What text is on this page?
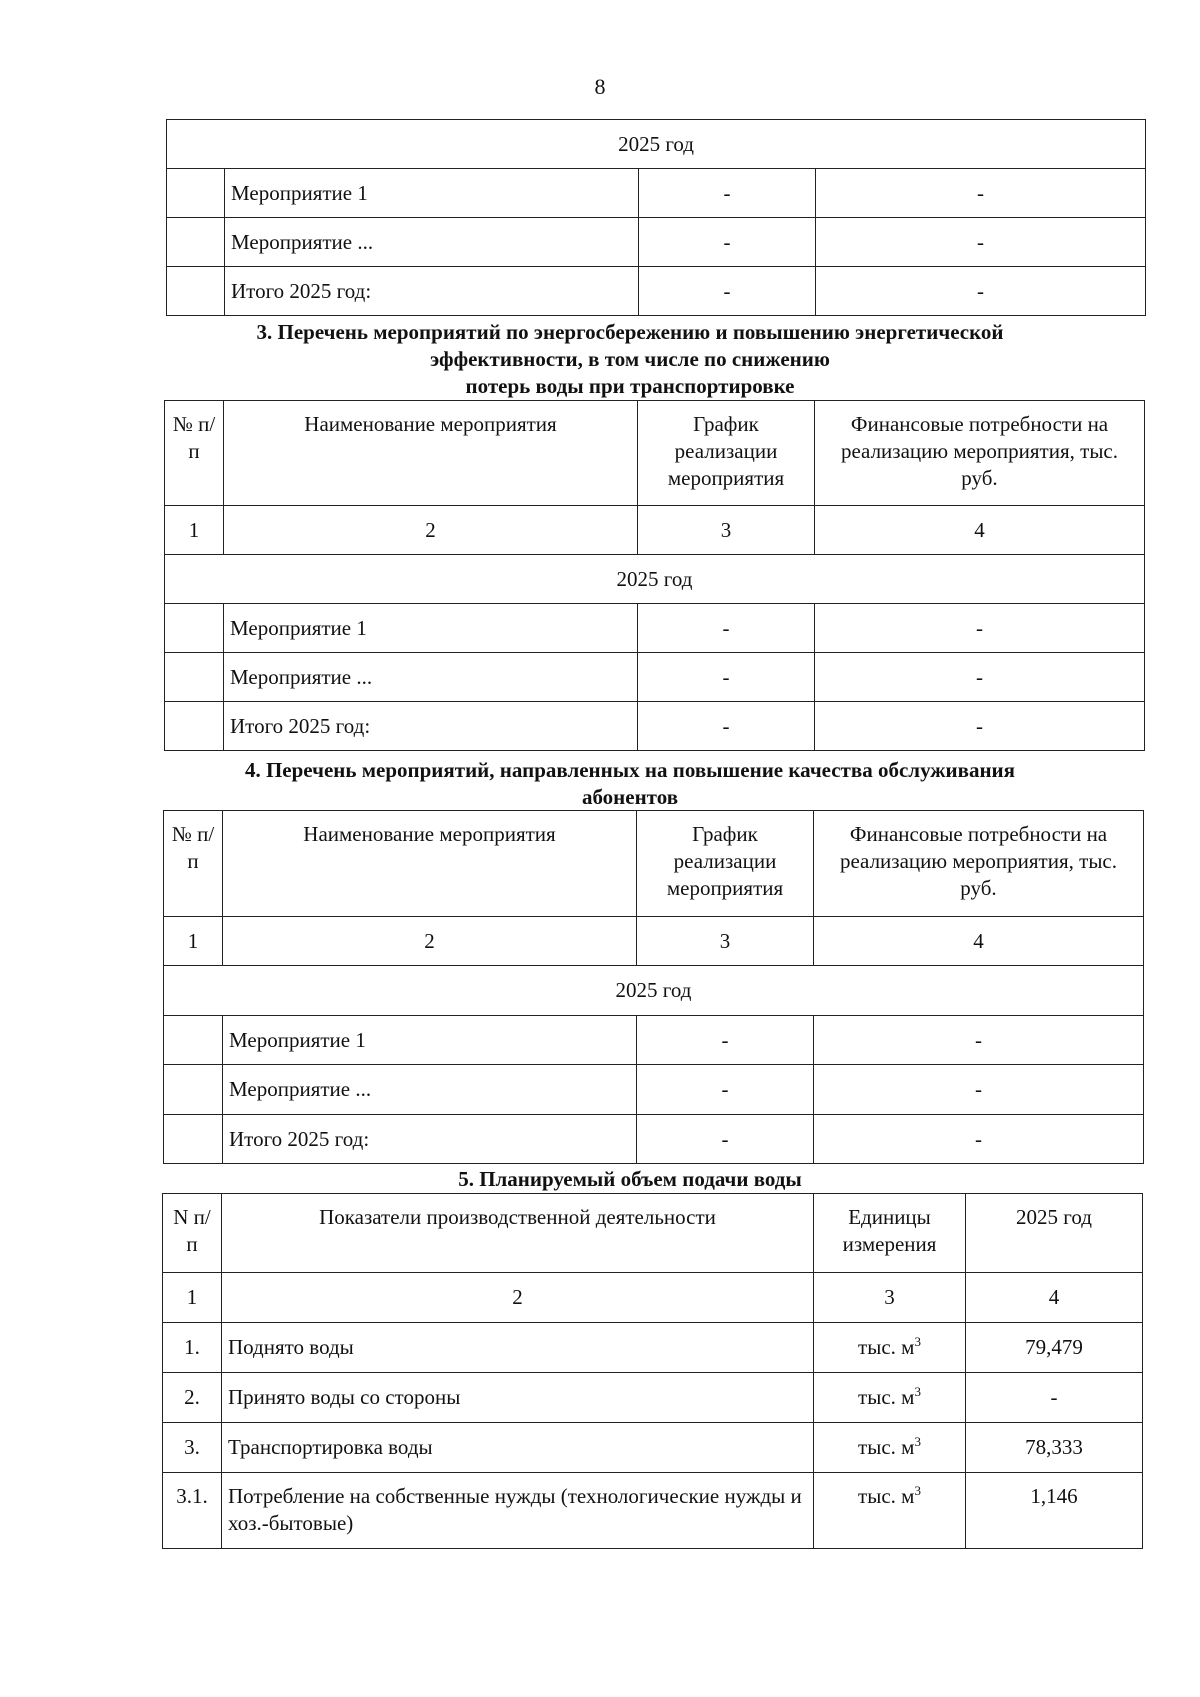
8
2025 год			
	Мероприятие 1	-	-
	Мероприятие ...	-	-
	Итого 2025 год:	-	-
3. Перечень мероприятий по энергосбережению и повышению энергетической
эффективности, в том числе по снижению
потерь воды при транспортировке
№ п/п	Наименование мероприятия	График реализации мероприятия	Финансовые потребности на реализацию мероприятия, тыс. руб.
1	2	3	4
2025 год			
	Мероприятие 1	-	-
	Мероприятие ...	-	-
	Итого 2025 год:	-	-
4. Перечень мероприятий, направленных на повышение качества обслуживания
абонентов
№ п/п	Наименование мероприятия	График реализации мероприятия	Финансовые потребности на реализацию мероприятия, тыс. руб.
1	2	3	4
2025 год			
	Мероприятие 1	-	-
	Мероприятие ...	-	-
	Итого 2025 год:	-	-
5. Планируемый объем подачи воды
N п/п	Показатели производственной деятельности	Единицы измерения	2025 год
1	2	3	4
1.	Поднято воды	тыс. $м^3$	79,479
2.	Принято воды со стороны	тыс. $м^3$	-
3.	Транспортировка воды	тыс. $м^3$	78,333
3.1.	Потребление на собственные нужды (технологические нужды и хоз.-бытовые)	тыс. $м^3$	1,146
